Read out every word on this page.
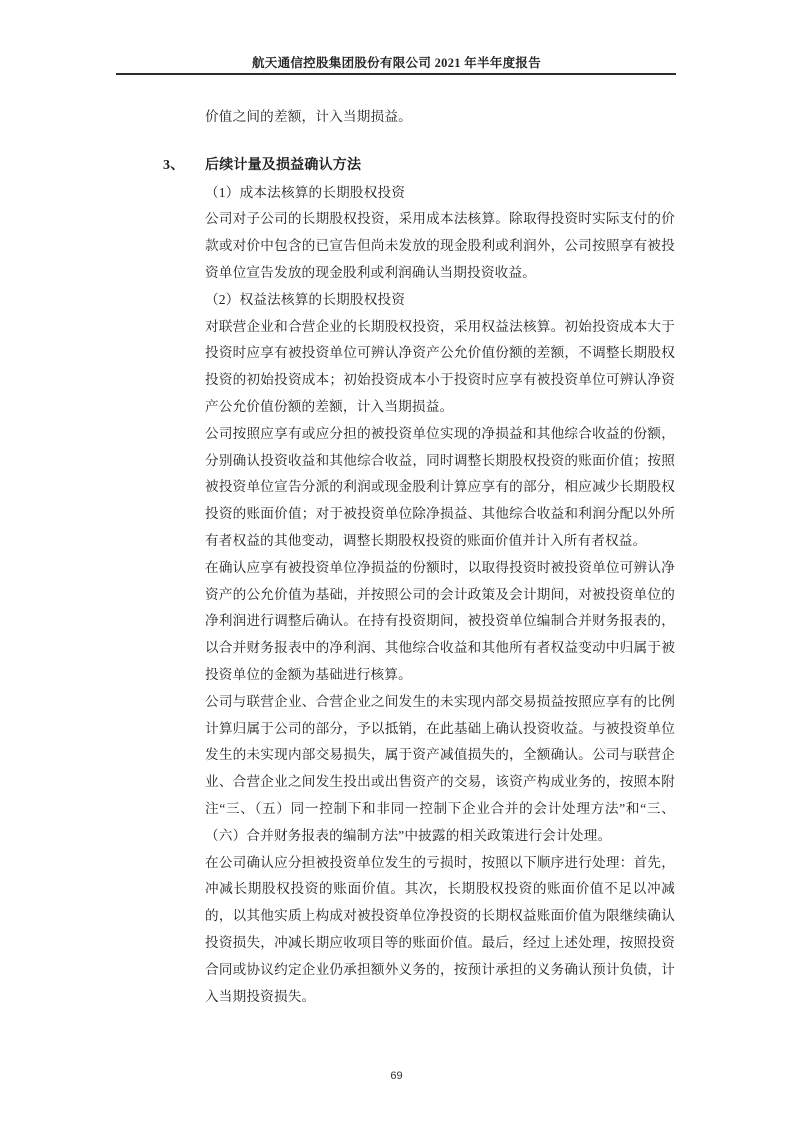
航天通信控股集团股份有限公司 2021 年半年度报告

价值之间的差额，计入当期损益。

3、 后续计量及损益确认方法

（1）成本法核算的长期股权投资

公司对子公司的长期股权投资，采用成本法核算。除取得投资时实际支付的价款或对价中包含的已宣告但尚未发放的现金股利或利润外，公司按照享有被投资单位宣告发放的现金股利或利润确认当期投资收益。

（2）权益法核算的长期股权投资

对联营企业和合营企业的长期股权投资，采用权益法核算。初始投资成本大于投资时应享有被投资单位可辨认净资产公允价值份额的差额，不调整长期股权投资的初始投资成本；初始投资成本小于投资时应享有被投资单位可辨认净资产公允价值份额的差额，计入当期损益。

公司按照应享有或应分担的被投资单位实现的净损益和其他综合收益的份额，分别确认投资收益和其他综合收益，同时调整长期股权投资的账面价值；按照被投资单位宣告分派的利润或现金股利计算应享有的部分，相应减少长期股权投资的账面价值；对于被投资单位除净损益、其他综合收益和利润分配以外所有者权益的其他变动，调整长期股权投资的账面价值并计入所有者权益。

在确认应享有被投资单位净损益的份额时，以取得投资时被投资单位可辨认净资产的公允价值为基础，并按照公司的会计政策及会计期间，对被投资单位的净利润进行调整后确认。在持有投资期间，被投资单位编制合并财务报表的，以合并财务报表中的净利润、其他综合收益和其他所有者权益变动中归属于被投资单位的金额为基础进行核算。

公司与联营企业、合营企业之间发生的未实现内部交易损益按照应享有的比例计算归属于公司的部分，予以抵销，在此基础上确认投资收益。与被投资单位发生的未实现内部交易损失，属于资产减值损失的，全额确认。公司与联营企业、合营企业之间发生投出或出售资产的交易，该资产构成业务的，按照本附注“三、（五）同一控制下和非同一控制下企业合并的会计处理方法”和“三、（六）合并财务报表的编制方法”中披露的相关政策进行会计处理。

在公司确认应分担被投资单位发生的亏损时，按照以下顺序进行处理：首先，冲减长期股权投资的账面价值。其次，长期股权投资的账面价值不足以冲减的，以其他实质上构成对被投资单位净投资的长期权益账面价值为限继续确认投资损失，冲减长期应收项目等的账面价值。最后，经过上述处理，按照投资合同或协议约定企业仍承担额外义务的，按预计承担的义务确认预计负债，计入当期投资损失。

69
